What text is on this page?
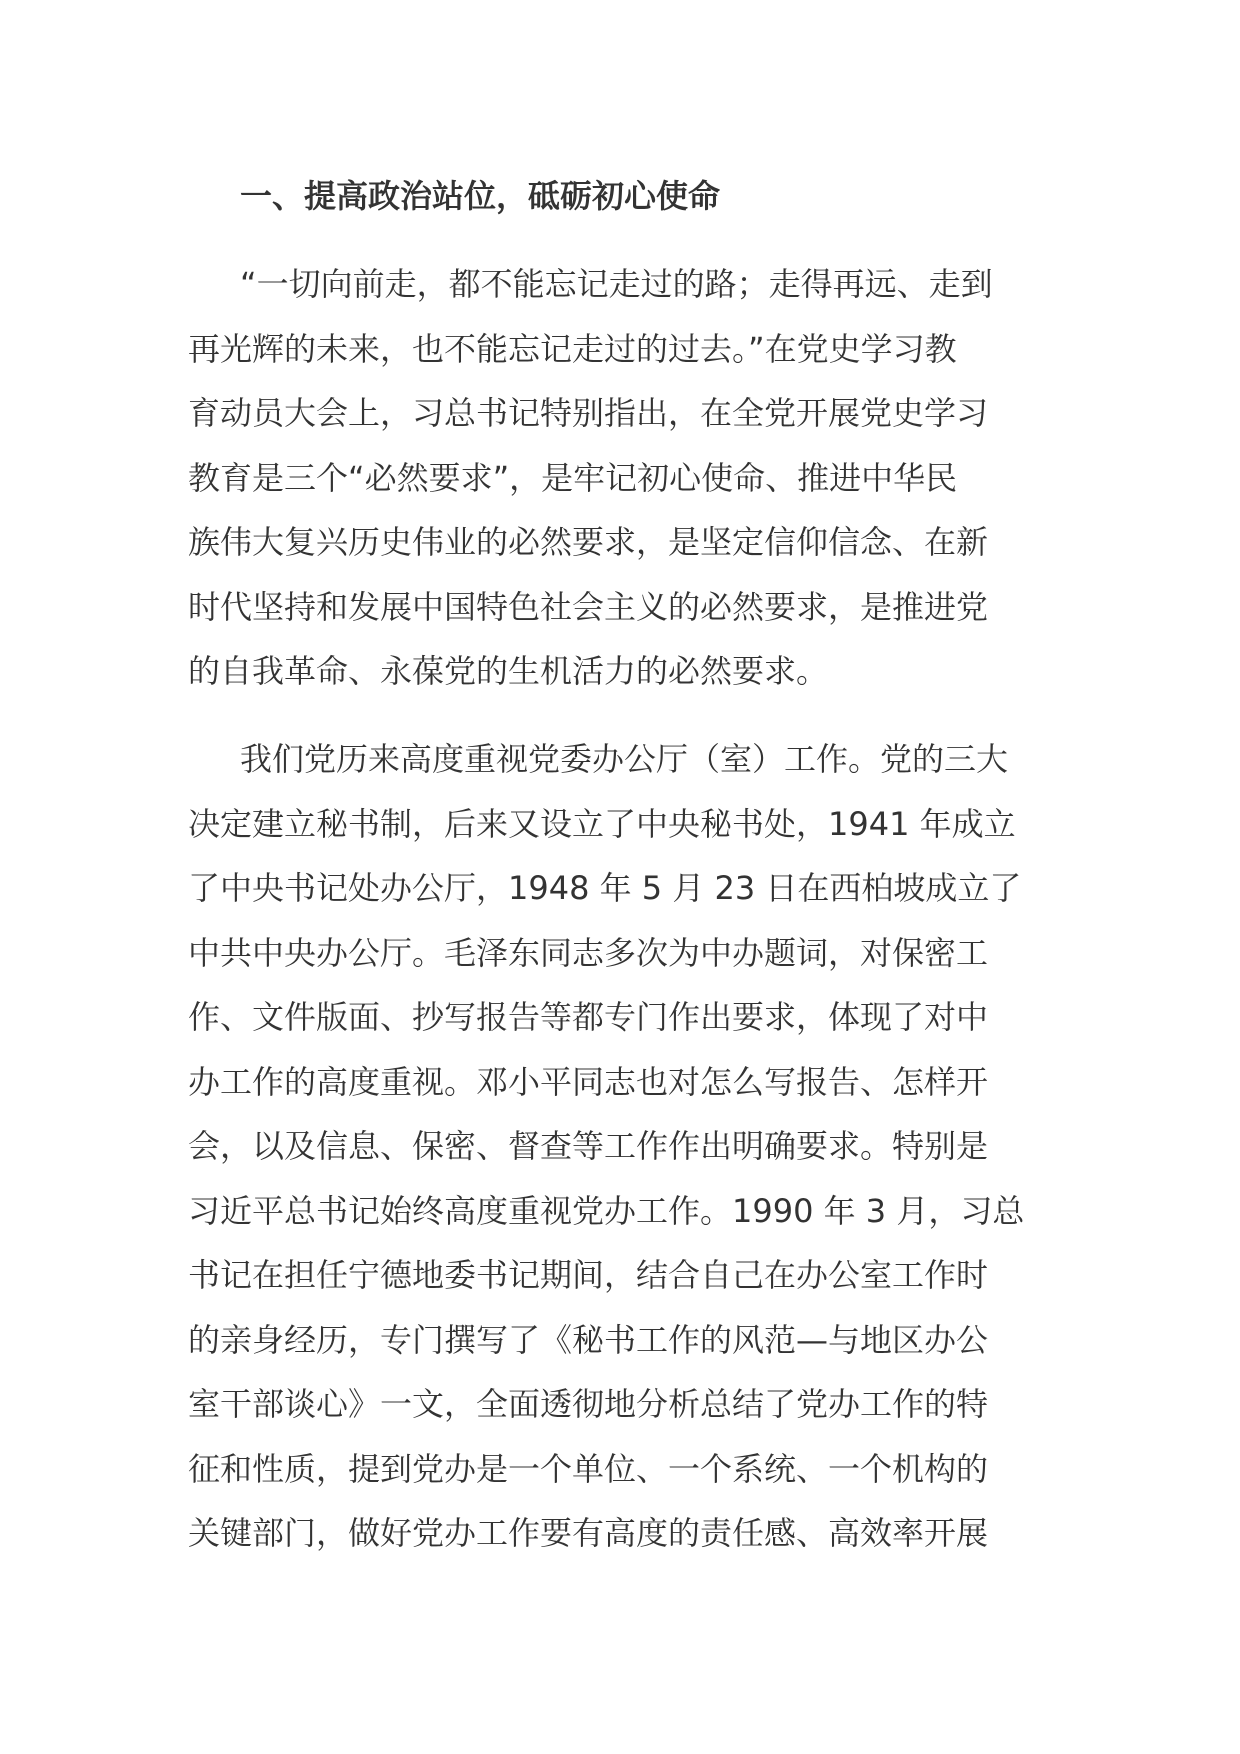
一、提高政治站位，砥砺初心使命
“一切向前走，都不能忘记走过的路；走得再远、走到
再光辉的未来，也不能忘记走过的过去。”在党史学习教
育动员大会上，习总书记特别指出，在全党开展党史学习
教育是三个“必然要求”，是牢记初心使命、推进中华民
族伟大复兴历史伟业的必然要求，是坚定信仰信念、在新
时代坚持和发展中国特色社会主义的必然要求，是推进党
的自我革命、永葆党的生机活力的必然要求。
我们党历来高度重视党委办公厅（室）工作。党的三大
决定建立秘书制，后来又设立了中央秘书处，1941 年成立
了中央书记处办公厅，1948 年 5 月 23 日在西柏坡成立了
中共中央办公厅。毛泽东同志多次为中办题词，对保密工
作、文件版面、抄写报告等都专门作出要求，体现了对中
办工作的高度重视。邓小平同志也对怎么写报告、怎样开
会，以及信息、保密、督查等工作作出明确要求。特别是
习近平总书记始终高度重视党办工作。1990 年 3 月，习总
书记在担任宁德地委书记期间，结合自己在办公室工作时
的亲身经历，专门撰写了《秘书工作的风范—与地区办公
室干部谈心》一文，全面透彻地分析总结了党办工作的特
征和性质，提到党办是一个单位、一个系统、一个机构的
关键部门，做好党办工作要有高度的责任感、高效率开展
